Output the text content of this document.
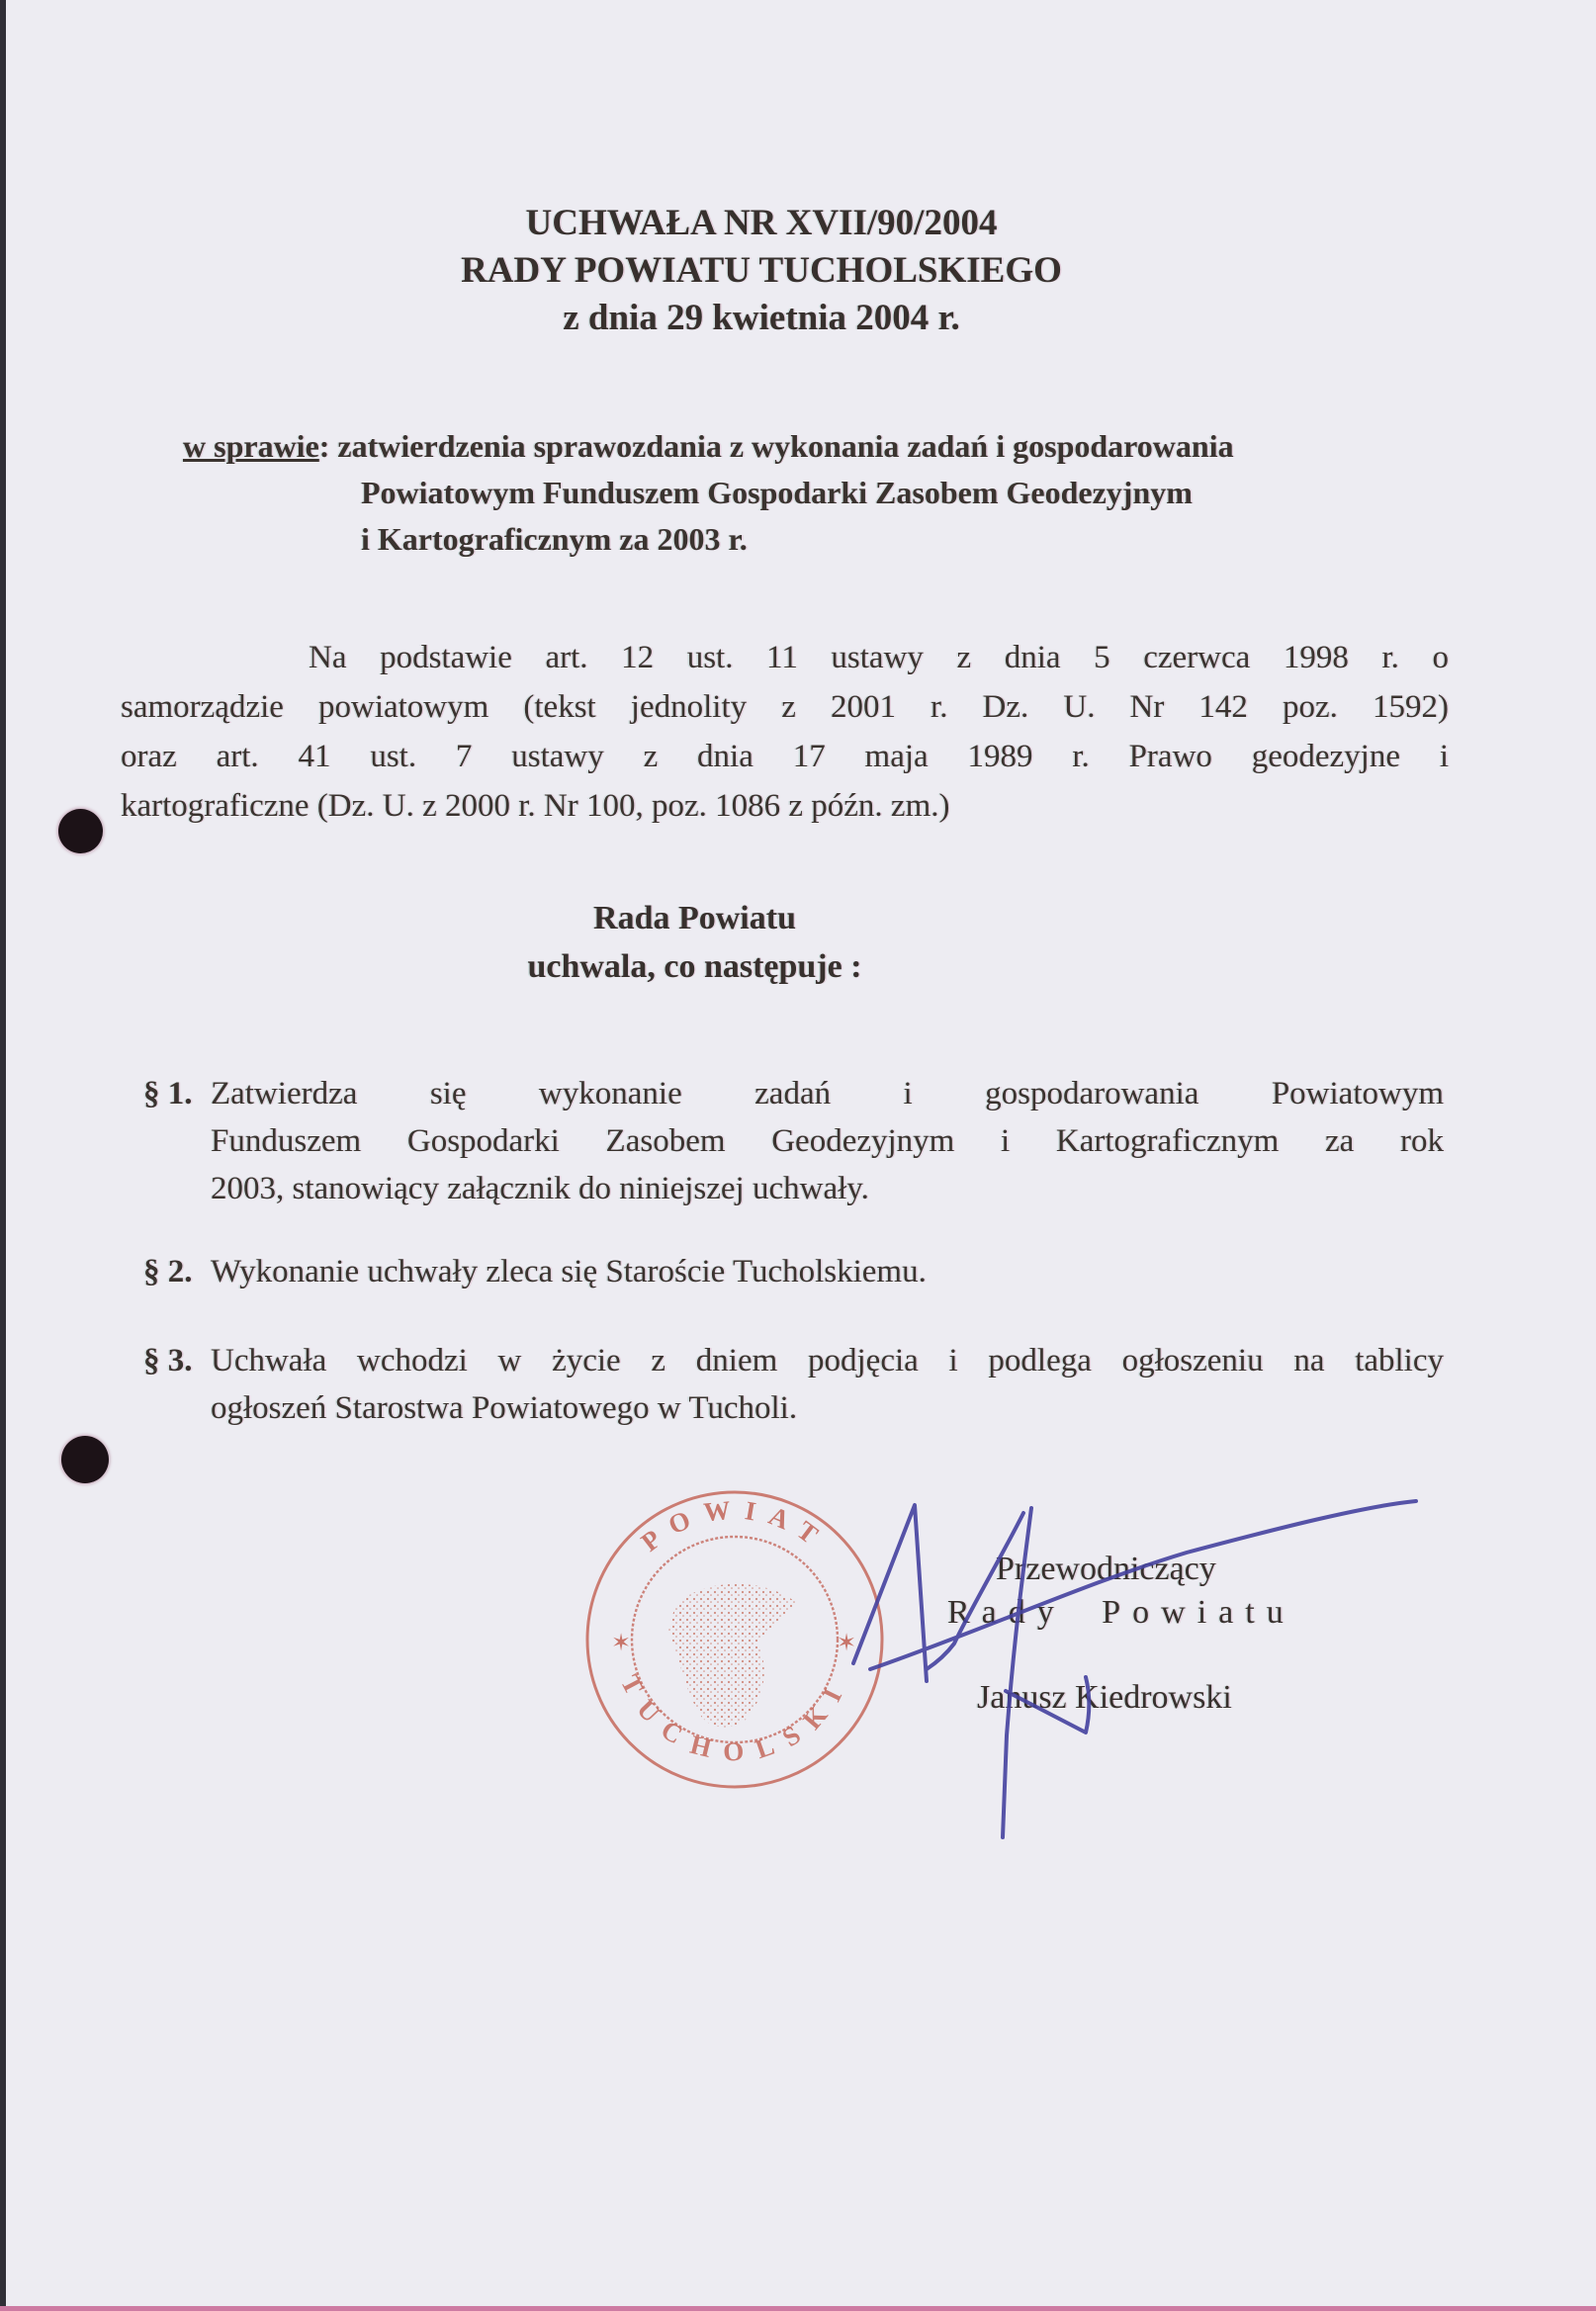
UCHWAŁA NR XVII/90/2004
RADY POWIATU TUCHOLSKIEGO
z dnia 29 kwietnia 2004 r.
w sprawie: zatwierdzenia sprawozdania z wykonania zadań i gospodarowania
Powiatowym Funduszem Gospodarki Zasobem Geodezyjnym
i Kartograficznym za 2003 r.
Na podstawie art. 12 ust. 11 ustawy z dnia 5 czerwca 1998 r. o
samorządzie powiatowym (tekst jednolity z 2001 r. Dz. U. Nr 142 poz. 1592)
oraz art. 41 ust. 7 ustawy z dnia 17 maja 1989 r. Prawo geodezyjne i
kartograficzne (Dz. U. z 2000 r. Nr 100, poz. 1086 z późn. zm.)
Rada Powiatu
uchwala, co następuje :
§ 1. Zatwierdza się wykonanie zadań i gospodarowania Powiatowym
Funduszem Gospodarki Zasobem Geodezyjnym i Kartograficznym za rok
2003, stanowiący załącznik do niniejszej uchwały.
§ 2. Wykonanie uchwały zleca się Staroście Tucholskiemu.
§ 3. Uchwała wchodzi w życie z dniem podjęcia i podlega ogłoszeniu na tablicy
ogłoszeń Starostwa Powiatowego w Tucholi.
POWIAT
TUCHOLSKI
✶	✶
Przewodniczący
Rady Powiatu
Janusz Kiedrowski
